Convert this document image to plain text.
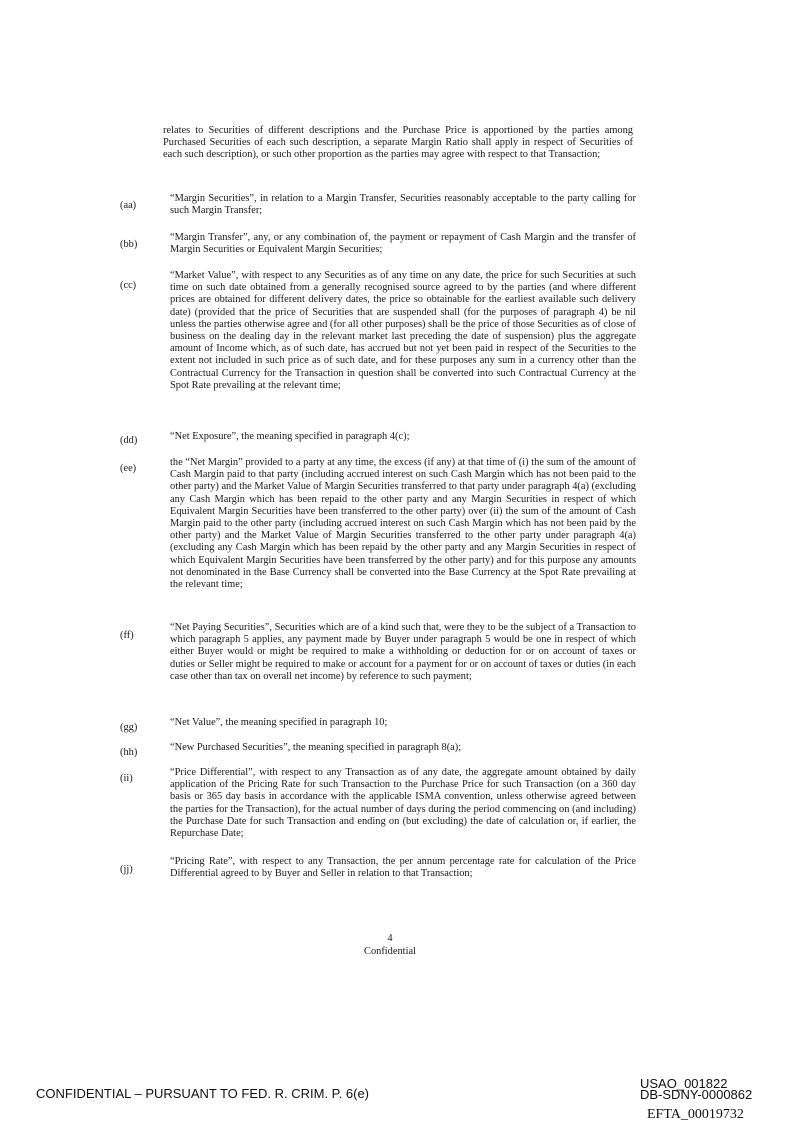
relates to Securities of different descriptions and the Purchase Price is apportioned by the parties among Purchased Securities of each such description, a separate Margin Ratio shall apply in respect of Securities of each such description), or such other proportion as the parties may agree with respect to that Transaction;
(aa)
“Margin Securities”, in relation to a Margin Transfer, Securities reasonably acceptable to the party calling for such Margin Transfer;
(bb)
“Margin Transfer”, any, or any combination of, the payment or repayment of Cash Margin and the transfer of Margin Securities or Equivalent Margin Securities;
(cc)
“Market Value”, with respect to any Securities as of any time on any date, the price for such Securities at such time on such date obtained from a generally recognised source agreed to by the parties (and where different prices are obtained for different delivery dates, the price so obtainable for the earliest available such delivery date) (provided that the price of Securities that are suspended shall (for the purposes of paragraph 4) be nil unless the parties otherwise agree and (for all other purposes) shall be the price of those Securities as of close of business on the dealing day in the relevant market last preceding the date of suspension) plus the aggregate amount of Income which, as of such date, has accrued but not yet been paid in respect of the Securities to the extent not included in such price as of such date, and for these purposes any sum in a currency other than the Contractual Currency for the Transaction in question shall be converted into such Contractual Currency at the Spot Rate prevailing at the relevant time;
(dd)	“Net Exposure”, the meaning specified in paragraph 4(c);
(ee)
the “Net Margin” provided to a party at any time, the excess (if any) at that time of (i) the sum of the amount of Cash Margin paid to that party (including accrued interest on such Cash Margin which has not been paid to the other party) and the Market Value of Margin Securities transferred to that party under paragraph 4(a) (excluding any Cash Margin which has been repaid to the other party and any Margin Securities in respect of which Equivalent Margin Securities have been transferred to the other party) over (ii) the sum of the amount of Cash Margin paid to the other party (including accrued interest on such Cash Margin which has not been paid by the other party) and the Market Value of Margin Securities transferred to the other party under paragraph 4(a) (excluding any Cash Margin which has been repaid by the other party and any Margin Securities in respect of which Equivalent Margin Securities have been transferred by the other party) and for this purpose any amounts not denominated in the Base Currency shall be converted into the Base Currency at the Spot Rate prevailing at the relevant time;
(ff)
“Net Paying Securities”, Securities which are of a kind such that, were they to be the subject of a Transaction to which paragraph 5 applies, any payment made by Buyer under paragraph 5 would be one in respect of which either Buyer would or might be required to make a withholding or deduction for or on account of taxes or duties or Seller might be required to make or account for a payment for or on account of taxes or duties (in each case other than tax on overall net income) by reference to such payment;
(gg)	“Net Value”, the meaning specified in paragraph 10;
(hh)	“New Purchased Securities”, the meaning specified in paragraph 8(a);
(ii)
“Price Differential”, with respect to any Transaction as of any date, the aggregate amount obtained by daily application of the Pricing Rate for such Transaction to the Purchase Price for such Transaction (on a 360 day basis or 365 day basis in accordance with the applicable ISMA convention, unless otherwise agreed between the parties for the Transaction), for the actual number of days during the period commencing on (and including) the Purchase Date for such Transaction and ending on (but excluding) the date of calculation or, if earlier, the Repurchase Date;
(jj)
“Pricing Rate”, with respect to any Transaction, the per annum percentage rate for calculation of the Price Differential agreed to by Buyer and Seller in relation to that Transaction;
4
Confidential
CONFIDENTIAL – PURSUANT TO FED. R. CRIM. P. 6(e)
USAO_001822
DB-SDNY-0000862
EFTA_00019732
